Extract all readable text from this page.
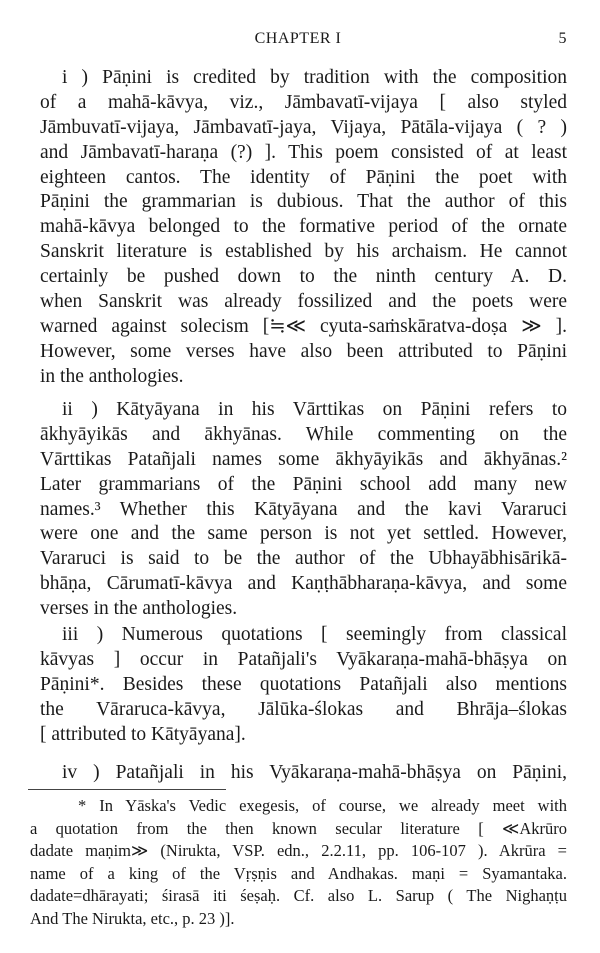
CHAPTER I	5
i ) Pāṇini is credited by tradition with the composition
of a mahā-kāvya, viz., Jāmbavatī-vijaya [ also styled
Jāmbuvatī-vijaya, Jāmbavatī-jaya, Vijaya, Pātāla-vijaya ( ? )
and Jāmbavatī-haraṇa (?) ]. This poem consisted of at least
eighteen cantos. The identity of Pāṇini the poet with
Pāṇini the grammarian is dubious. That the author of this
mahā-kāvya belonged to the formative period of the ornate
Sanskrit literature is established by his archaism. He cannot
certainly be pushed down to the ninth century A. D.
when Sanskrit was already fossilized and the poets were
warned against solecism [≒≪ cyuta-saṁskāratva-doṣa ≫ ].
However, some verses have also been attributed to Pāṇini
in the anthologies.
ii ) Kātyāyana in his Vārttikas on Pāṇini refers to
ākhyāyikās and ākhyānas. While commenting on the
Vārttikas Patañjali names some ākhyāyikās and ākhyānas.²
Later grammarians of the Pāṇini school add many new
names.³ Whether this Kātyāyana and the kavi Vararuci
were one and the same person is not yet settled. However,
Vararuci is said to be the author of the Ubhayābhisārikā-
bhāṇa, Cārumatī-kāvya and Kaṇṭhābharaṇa-kāvya, and some
verses in the anthologies.
iii ) Numerous quotations [ seemingly from classical
kāvyas ] occur in Patañjali's Vyākaraṇa-mahā-bhāṣya on
Pāṇini*. Besides these quotations Patañjali also mentions
the Vāraruca-kāvya, Jālūka-ślokas and Bhrāja–ślokas
[ attributed to Kātyāyana].
iv ) Patañjali in his Vyākaraṇa-mahā-bhāṣya on Pāṇini,
* In Yāska's Vedic exegesis, of course, we already meet with
a quotation from the then known secular literature [ ≪Akrūro
dadate maṇim≫ (Nirukta, VSP. edn., 2.2.11, pp. 106-107 ). Akrūra =
name of a king of the Vṛṣṇis and Andhakas. maṇi = Syamantaka.
dadate=dhārayati; śirasā iti śeṣaḥ. Cf. also L. Sarup ( The Nighaṇṭu
And The Nirukta, etc., p. 23 )].
